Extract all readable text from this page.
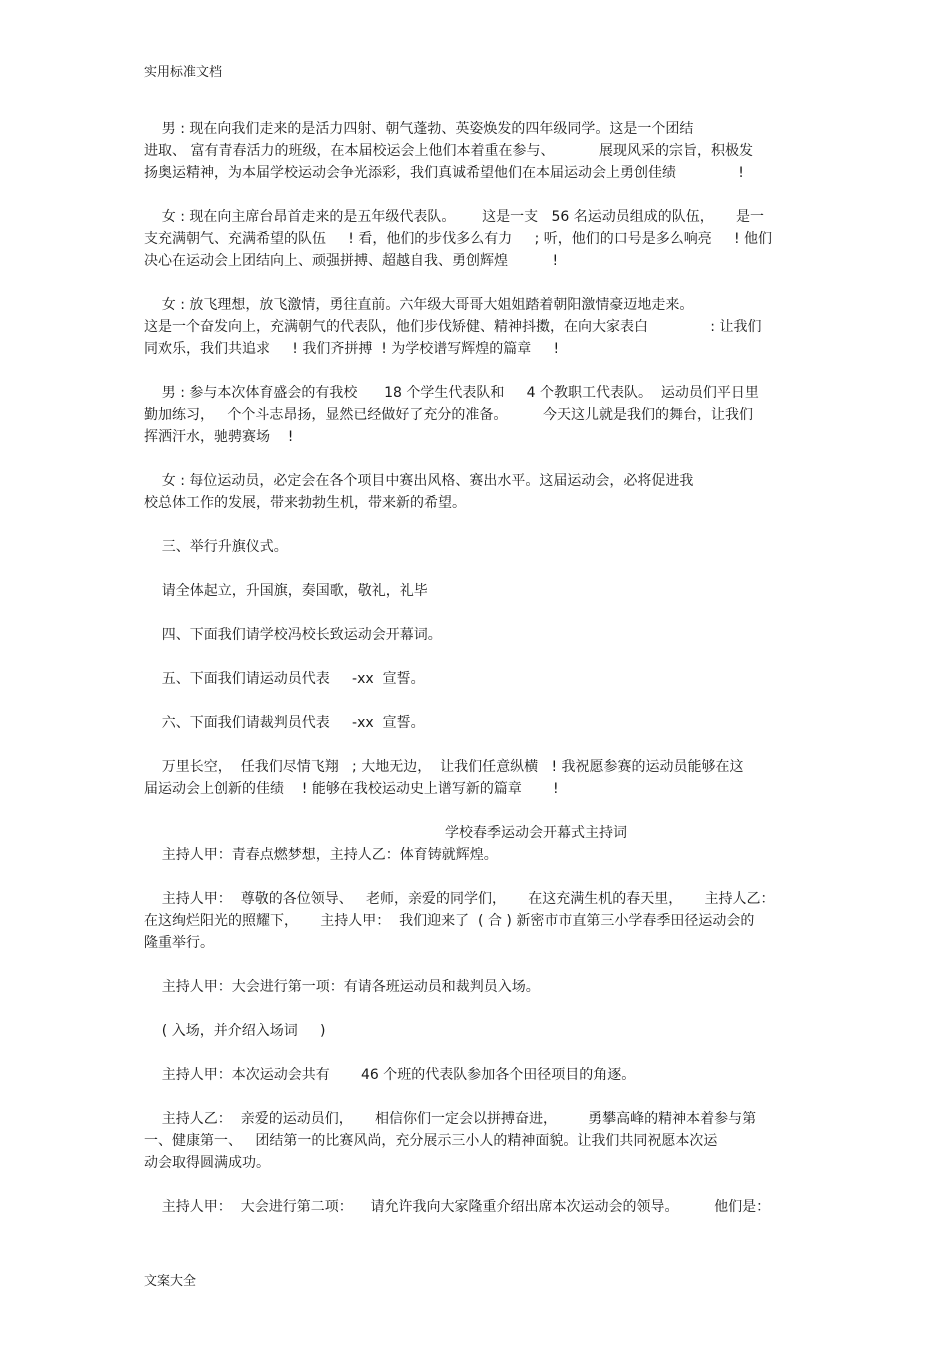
实用标准文档
男 : 现在向我们走来的是活力四射、朝气蓬勃、英姿焕发的四年级同学。这是一个团结
进取、 富有青春活力的班级，在本届校运会上他们本着重在参与、          展现风采的宗旨，积极发
扬奥运精神，为本届学校运动会争光添彩，我们真诚希望他们在本届运动会上勇创佳绩              !
女 : 现在向主席台昂首走来的是五年级代表队。      这是一支   56 名运动员组成的队伍，     是一
支充满朝气、充满希望的队伍     ! 看，他们的步伐多么有力     ; 听，他们的口号是多么响亮     ! 他们
决心在运动会上团结向上、顽强拼搏、超越自我、勇创辉煌          !
女 : 放飞理想，放飞激情，勇往直前。六年级大哥哥大姐姐踏着朝阳激情豪迈地走来。
这是一个奋发向上，充满朝气的代表队，他们步伐矫健、精神抖擞，在向大家表白              : 让我们
同欢乐，我们共追求     ! 我们齐拼搏  ! 为学校谱写辉煌的篇章     !
男 : 参与本次体育盛会的有我校      18 个学生代表队和     4 个教职工代表队。  运动员们平日里
勤加练习，   个个斗志昂扬，显然已经做好了充分的准备。        今天这儿就是我们的舞台，让我们
挥洒汗水，驰骋赛场    !
女 : 每位运动员，必定会在各个项目中赛出风格、赛出水平。这届运动会，必将促进我
校总体工作的发展，带来勃勃生机，带来新的希望。
三、举行升旗仪式。
请全体起立，升国旗，奏国歌，敬礼，礼毕
四、下面我们请学校冯校长致运动会开幕词。
五、下面我们请运动员代表     -xx  宣誓。
六、下面我们请裁判员代表     -xx  宣誓。
万里长空，  任我们尽情飞翔   ; 大地无边，  让我们任意纵横   ! 我祝愿参赛的运动员能够在这
届运动会上创新的佳绩    ! 能够在我校运动史上谱写新的篇章       !
学校春季运动会开幕式主持词
主持人甲：青春点燃梦想，主持人乙：体育铸就辉煌。
主持人甲：  尊敬的各位领导、   老师，亲爱的同学们，     在这充满生机的春天里，     主持人乙：
在这绚烂阳光的照耀下，     主持人甲：  我们迎来了  ( 合 ) 新密市市直第三小学春季田径运动会的
隆重举行。
主持人甲：大会进行第一项：有请各班运动员和裁判员入场。
( 入场，并介绍入场词     )
主持人甲：本次运动会共有       46 个班的代表队参加各个田径项目的角逐。
主持人乙：  亲爱的运动员们，     相信你们一定会以拼搏奋进，       勇攀高峰的精神本着参与第
一、健康第一、   团结第一的比赛风尚，充分展示三小人的精神面貌。让我们共同祝愿本次运
动会取得圆满成功。
主持人甲：  大会进行第二项：    请允许我向大家隆重介绍出席本次运动会的领导。        他们是：
文案大全
